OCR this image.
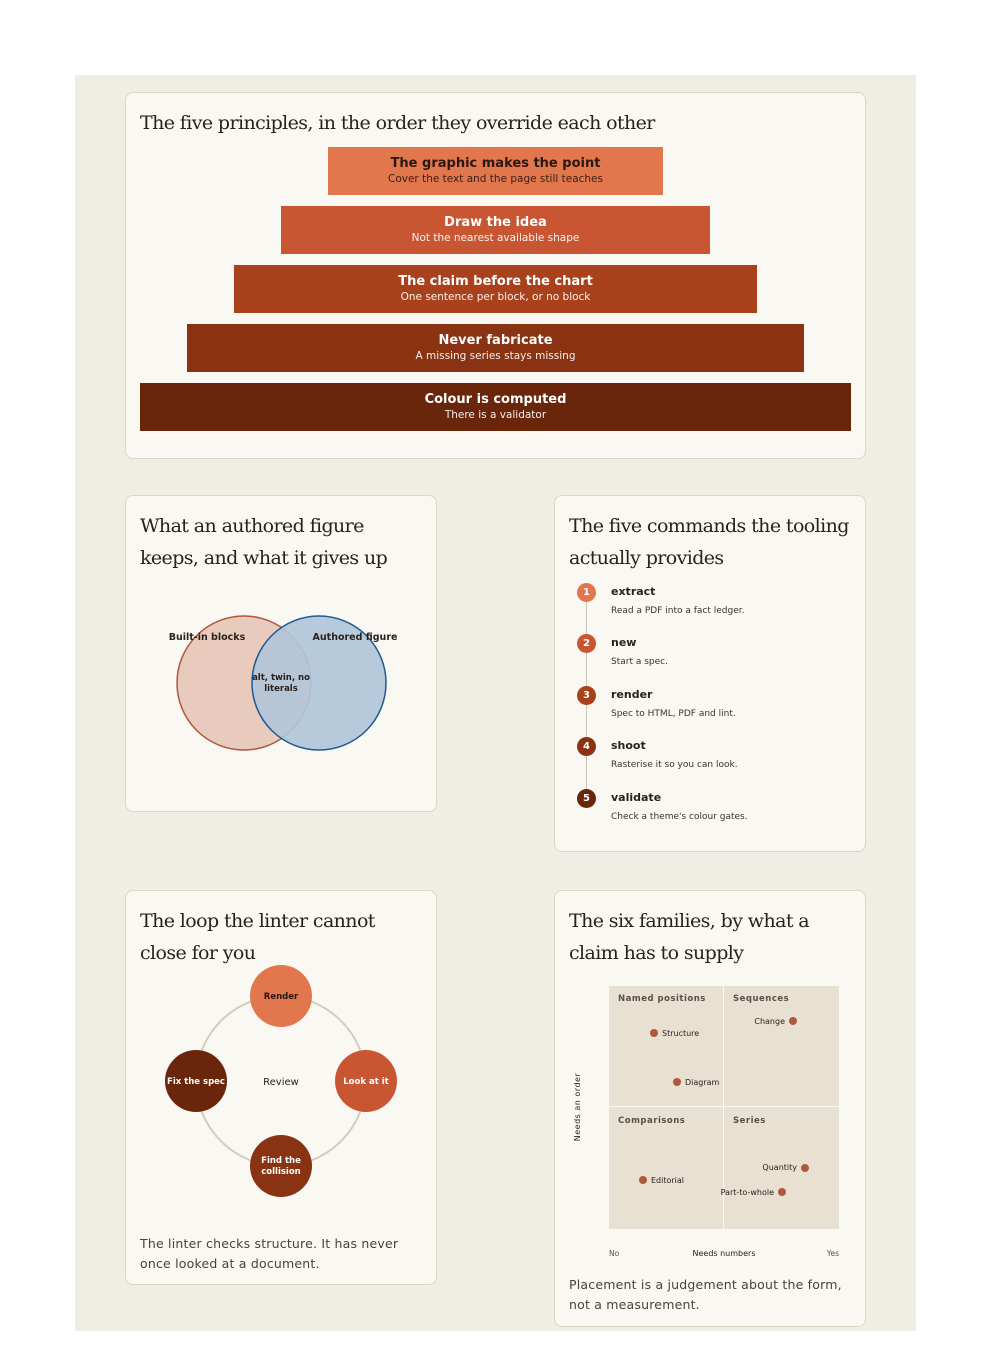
The five principles, in the order they override each other
The graphic makes the point
Cover the text and the page still teaches
Draw the idea
Not the nearest available shape
The claim before the chart
One sentence per block, or no block
Never fabricate
A missing series stays missing
Colour is computed
There is a validator
What an authored figure keeps, and what it gives up
Built-in blocks	Authored figure
alt, twin, no
literals
The five commands the tooling actually provides
1	extract
Read a PDF into a fact ledger.
2	new
Start a spec.
3	render
Spec to HTML, PDF and lint.
4	shoot
Rasterise it so you can look.
5	validate
Check a theme's colour gates.
The loop the linter cannot close for you
Render
Look at it
Find the
collision
Fix the spec	Review
The linter checks structure. It has never once looked at a document.
The six families, by what a claim has to supply
Named positions	Sequences
Comparisons	Series
Structure
Diagram
Change
Editorial
Quantity
Part-to-whole
Needs an order
No	Needs numbers	Yes
Placement is a judgement about the form, not a measurement.
